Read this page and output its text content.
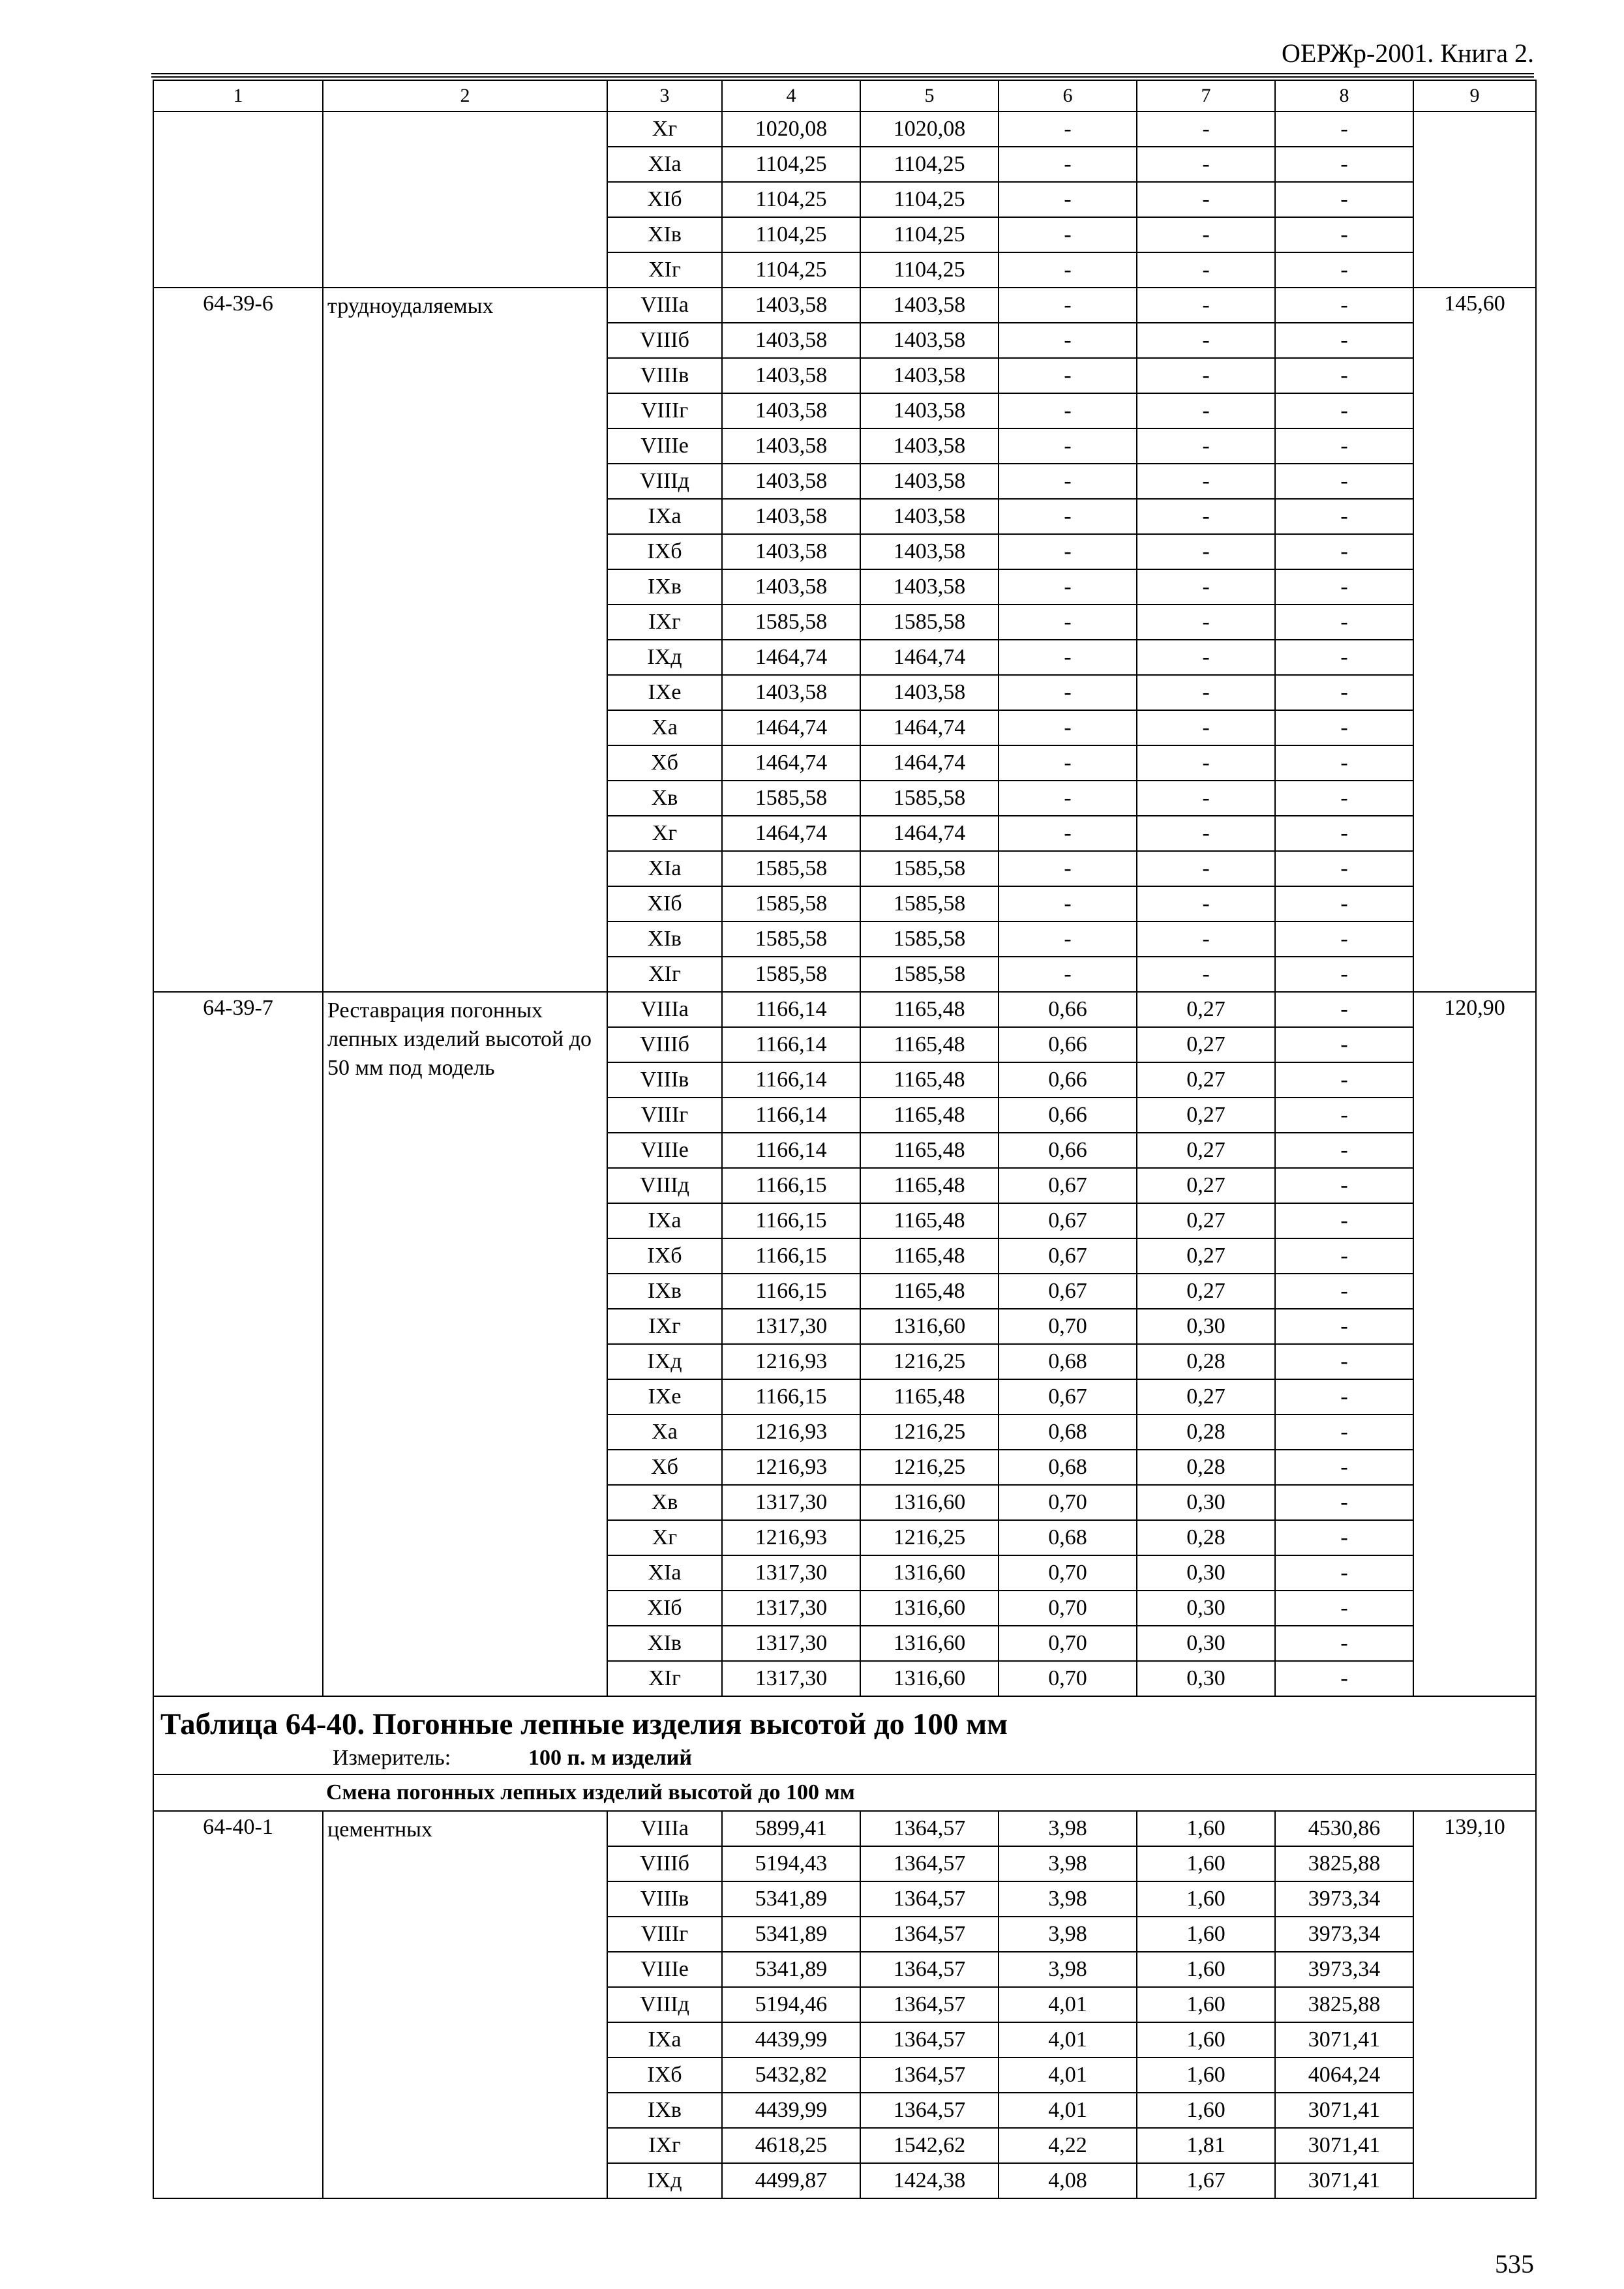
ОЕРЖр-2001. Книга 2.
1	2	3	4	5	6	7	8	9
		Xг	1020,08	1020,08	-	-	-	
		XIа	1104,25	1104,25	-	-	-	
		XIб	1104,25	1104,25	-	-	-	
		XIв	1104,25	1104,25	-	-	-	
		XIг	1104,25	1104,25	-	-	-	
64-39-6	трудноудаляемых	VIIIа	1403,58	1403,58	-	-	-	145,60
		VIIIб	1403,58	1403,58	-	-	-	
		VIIIв	1403,58	1403,58	-	-	-	
		VIIIг	1403,58	1403,58	-	-	-	
		VIIIе	1403,58	1403,58	-	-	-	
		VIIIд	1403,58	1403,58	-	-	-	
		IXа	1403,58	1403,58	-	-	-	
		IXб	1403,58	1403,58	-	-	-	
		IXв	1403,58	1403,58	-	-	-	
		IXг	1585,58	1585,58	-	-	-	
		IXд	1464,74	1464,74	-	-	-	
		IXе	1403,58	1403,58	-	-	-	
		Xа	1464,74	1464,74	-	-	-	
		Xб	1464,74	1464,74	-	-	-	
		Xв	1585,58	1585,58	-	-	-	
		Xг	1464,74	1464,74	-	-	-	
		XIа	1585,58	1585,58	-	-	-	
		XIб	1585,58	1585,58	-	-	-	
		XIв	1585,58	1585,58	-	-	-	
		XIг	1585,58	1585,58	-	-	-	
64-39-7	Реставрация погонных лепных изделий высотой до 50 мм под модель	VIIIа	1166,14	1165,48	0,66	0,27	-	120,90
		VIIIб	1166,14	1165,48	0,66	0,27	-	
		VIIIв	1166,14	1165,48	0,66	0,27	-	
		VIIIг	1166,14	1165,48	0,66	0,27	-	
		VIIIе	1166,14	1165,48	0,66	0,27	-	
		VIIIд	1166,15	1165,48	0,67	0,27	-	
		IXа	1166,15	1165,48	0,67	0,27	-	
		IXб	1166,15	1165,48	0,67	0,27	-	
		IXв	1166,15	1165,48	0,67	0,27	-	
		IXг	1317,30	1316,60	0,70	0,30	-	
		IXд	1216,93	1216,25	0,68	0,28	-	
		IXе	1166,15	1165,48	0,67	0,27	-	
		Xа	1216,93	1216,25	0,68	0,28	-	
		Xб	1216,93	1216,25	0,68	0,28	-	
		Xв	1317,30	1316,60	0,70	0,30	-	
		Xг	1216,93	1216,25	0,68	0,28	-	
		XIа	1317,30	1316,60	0,70	0,30	-	
		XIб	1317,30	1316,60	0,70	0,30	-	
		XIв	1317,30	1316,60	0,70	0,30	-	
		XIг	1317,30	1316,60	0,70	0,30	-	

Таблица 64-40. Погонные лепные изделия высотой до 100 мм
Измеритель: 100 п. м изделий								

Смена погонных лепных изделий высотой до 100 мм								
64-40-1	цементных	VIIIа	5899,41	1364,57	3,98	1,60	4530,86	139,10
		VIIIб	5194,43	1364,57	3,98	1,60	3825,88	
		VIIIв	5341,89	1364,57	3,98	1,60	3973,34	
		VIIIг	5341,89	1364,57	3,98	1,60	3973,34	
		VIIIе	5341,89	1364,57	3,98	1,60	3973,34	
		VIIIд	5194,46	1364,57	4,01	1,60	3825,88	
		IXа	4439,99	1364,57	4,01	1,60	3071,41	
		IXб	5432,82	1364,57	4,01	1,60	4064,24	
		IXв	4439,99	1364,57	4,01	1,60	3071,41	
		IXг	4618,25	1542,62	4,22	1,81	3071,41	
		IXд	4499,87	1424,38	4,08	1,67	3071,41	
535
